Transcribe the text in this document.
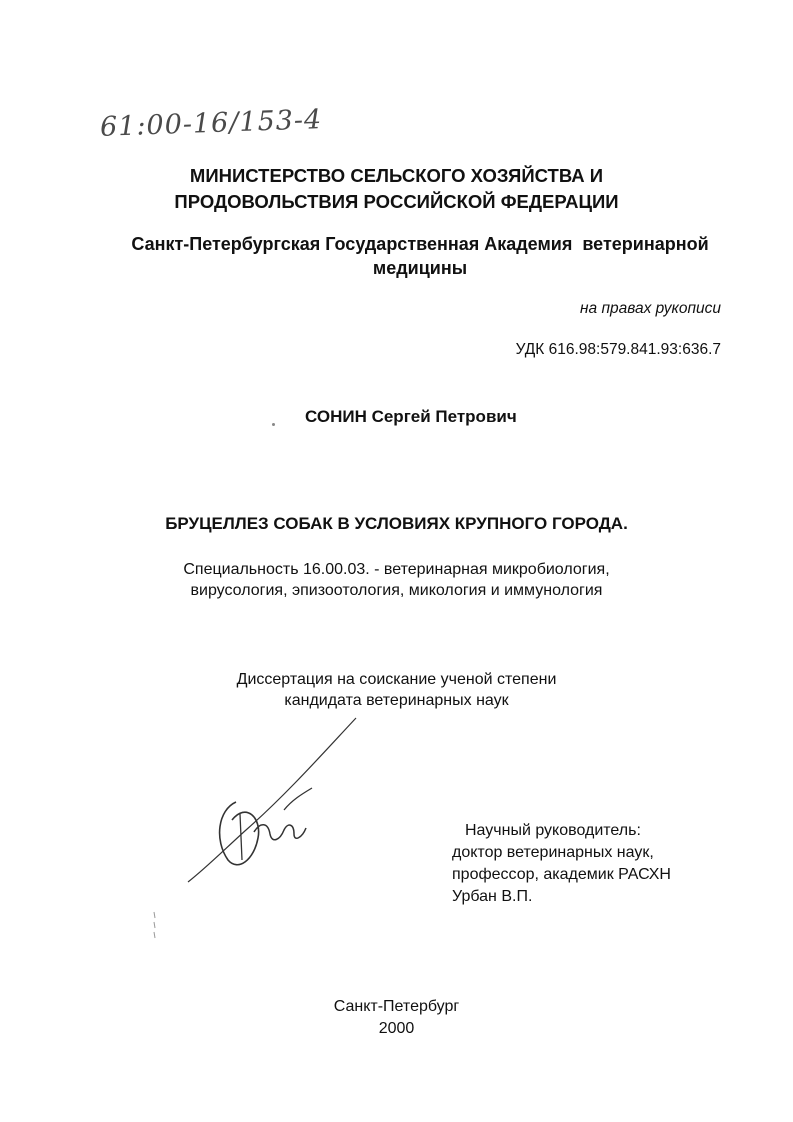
61:00-16/153-4
МИНИСТЕРСТВО СЕЛЬСКОГО ХОЗЯЙСТВА И
ПРОДОВОЛЬСТВИЯ РОССИЙСКОЙ ФЕДЕРАЦИИ
Санкт-Петербургская Государственная Академия  ветеринарной
медицины
на правах рукописи
УДК 616.98:579.841.93:636.7
СОНИН Сергей Петрович
БРУЦЕЛЛЕЗ СОБАК В УСЛОВИЯХ КРУПНОГО ГОРОДА.
Специальность 16.00.03. - ветеринарная микробиология,
вирусология, эпизоотология, микология и иммунология
Диссертация на соискание ученой степени
кандидата ветеринарных наук
Научный руководитель:
доктор ветеринарных наук,
профессор, академик РАСХН
Урбан В.П.
Санкт-Петербург
2000
